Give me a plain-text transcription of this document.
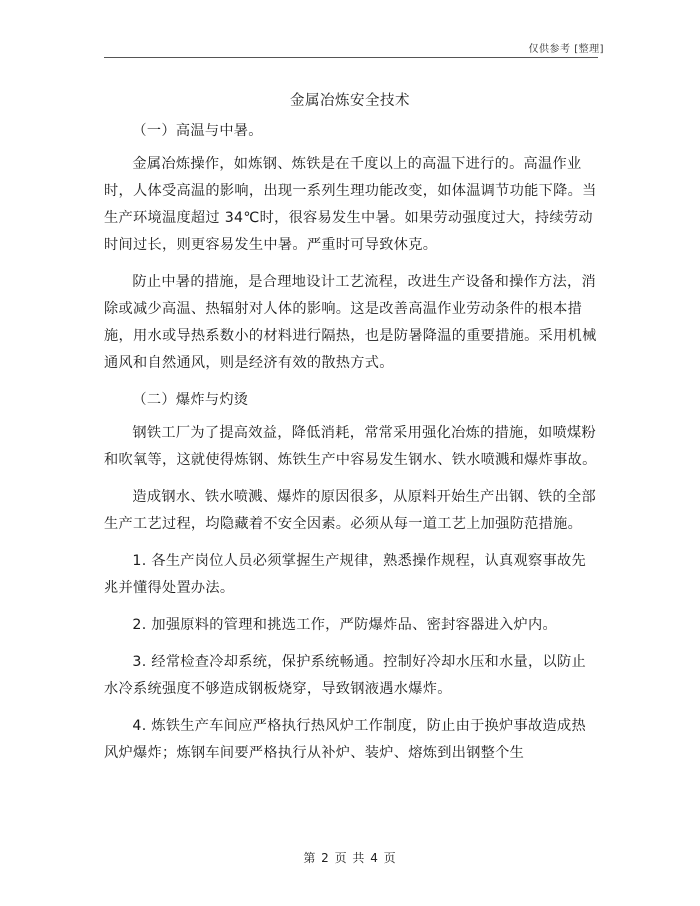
仅供参考 [整理]
金属冶炼安全技术

（一）高温与中暑。

金属冶炼操作，如炼钢、炼铁是在千度以上的高温下进行的。高温作业时，人体受高温的影响，出现一系列生理功能改变，如体温调节功能下降。当生产环境温度超过 34℃时，很容易发生中暑。如果劳动强度过大，持续劳动时间过长，则更容易发生中暑。严重时可导致休克。

防止中暑的措施，是合理地设计工艺流程，改进生产设备和操作方法，消除或减少高温、热辐射对人体的影响。这是改善高温作业劳动条件的根本措施，用水或导热系数小的材料进行隔热，也是防暑降温的重要措施。采用机械通风和自然通风，则是经济有效的散热方式。

（二）爆炸与灼烫

钢铁工厂为了提高效益，降低消耗，常常采用强化冶炼的措施，如喷煤粉和吹氧等，这就使得炼钢、炼铁生产中容易发生钢水、铁水喷溅和爆炸事故。

造成钢水、铁水喷溅、爆炸的原因很多，从原料开始生产出钢、铁的全部生产工艺过程，均隐藏着不安全因素。必须从每一道工艺上加强防范措施。

1. 各生产岗位人员必须掌握生产规律，熟悉操作规程，认真观察事故先兆并懂得处置办法。

2. 加强原料的管理和挑选工作，严防爆炸品、密封容器进入炉内。

3. 经常检查冷却系统，保护系统畅通。控制好冷却水压和水量，以防止水冷系统强度不够造成钢板烧穿，导致钢液遇水爆炸。

4. 炼铁生产车间应严格执行热风炉工作制度，防止由于换炉事故造成热风炉爆炸；炼钢车间要严格执行从补炉、装炉、熔炼到出钢整个生

第 2 页 共 4 页
